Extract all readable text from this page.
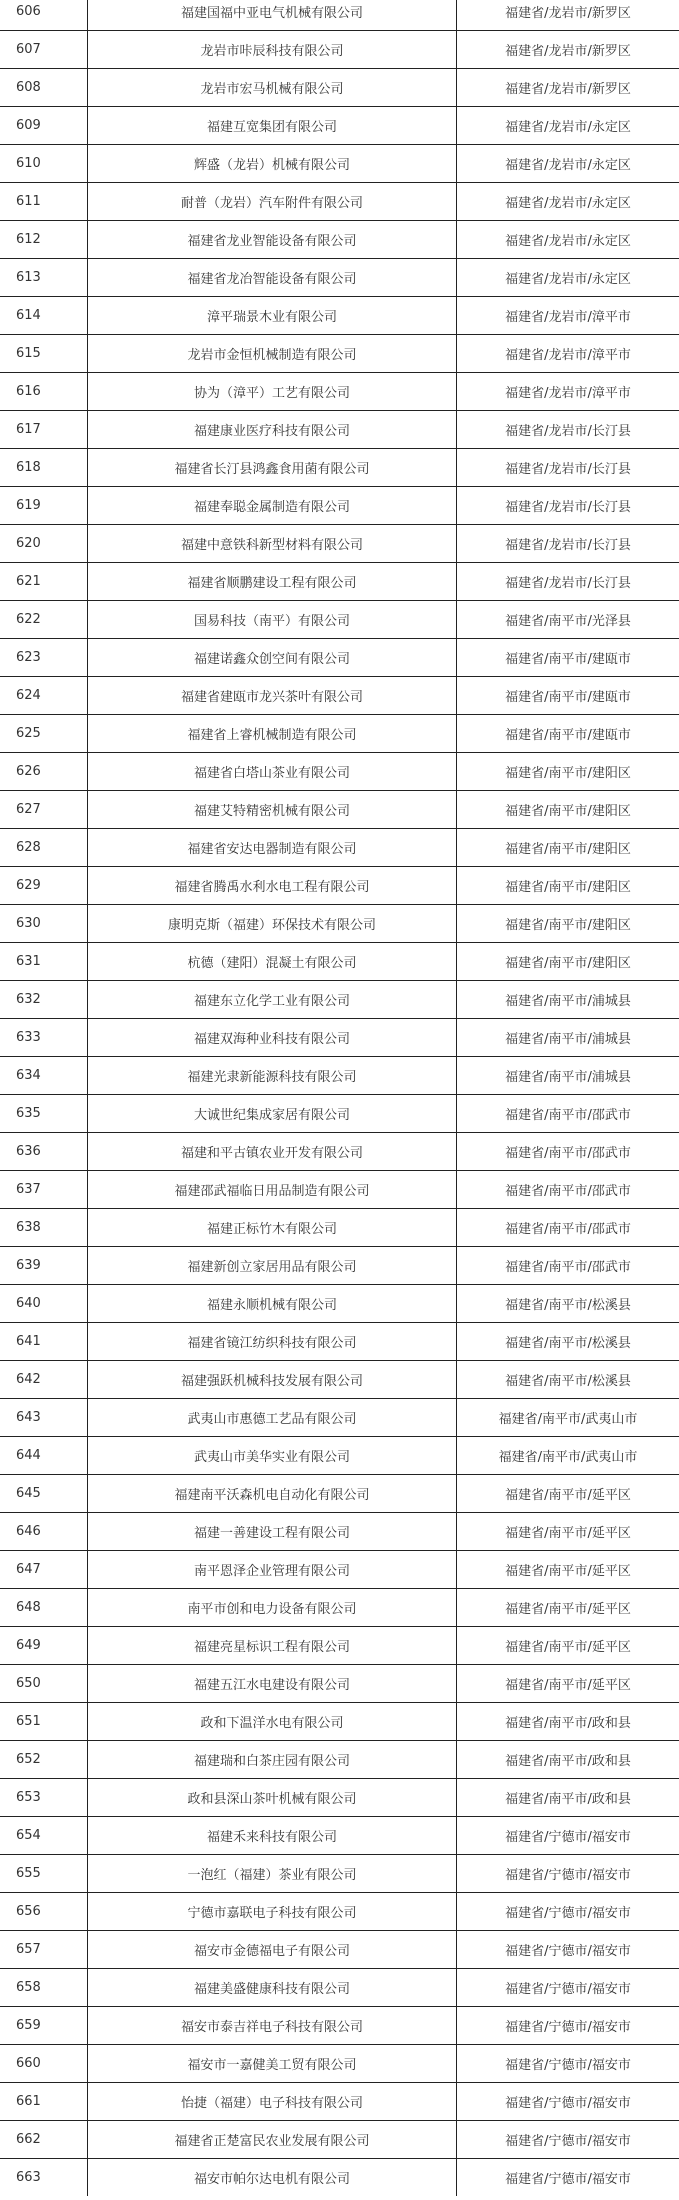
606	福建国福中亚电气机械有限公司	福建省/龙岩市/新罗区
607	龙岩市咔辰科技有限公司	福建省/龙岩市/新罗区
608	龙岩市宏马机械有限公司	福建省/龙岩市/新罗区
609	福建互宽集团有限公司	福建省/龙岩市/永定区
610	辉盛（龙岩）机械有限公司	福建省/龙岩市/永定区
611	耐普（龙岩）汽车附件有限公司	福建省/龙岩市/永定区
612	福建省龙业智能设备有限公司	福建省/龙岩市/永定区
613	福建省龙冶智能设备有限公司	福建省/龙岩市/永定区
614	漳平瑞景木业有限公司	福建省/龙岩市/漳平市
615	龙岩市金恒机械制造有限公司	福建省/龙岩市/漳平市
616	协为（漳平）工艺有限公司	福建省/龙岩市/漳平市
617	福建康业医疗科技有限公司	福建省/龙岩市/长汀县
618	福建省长汀县鸿鑫食用菌有限公司	福建省/龙岩市/长汀县
619	福建奉聪金属制造有限公司	福建省/龙岩市/长汀县
620	福建中意铁科新型材料有限公司	福建省/龙岩市/长汀县
621	福建省顺鹏建设工程有限公司	福建省/龙岩市/长汀县
622	国易科技（南平）有限公司	福建省/南平市/光泽县
623	福建诺鑫众创空间有限公司	福建省/南平市/建瓯市
624	福建省建瓯市龙兴茶叶有限公司	福建省/南平市/建瓯市
625	福建省上睿机械制造有限公司	福建省/南平市/建瓯市
626	福建省白塔山茶业有限公司	福建省/南平市/建阳区
627	福建艾特精密机械有限公司	福建省/南平市/建阳区
628	福建省安达电器制造有限公司	福建省/南平市/建阳区
629	福建省腾禹水利水电工程有限公司	福建省/南平市/建阳区
630	康明克斯（福建）环保技术有限公司	福建省/南平市/建阳区
631	杭德（建阳）混凝土有限公司	福建省/南平市/建阳区
632	福建东立化学工业有限公司	福建省/南平市/浦城县
633	福建双海种业科技有限公司	福建省/南平市/浦城县
634	福建光隶新能源科技有限公司	福建省/南平市/浦城县
635	大诚世纪集成家居有限公司	福建省/南平市/邵武市
636	福建和平古镇农业开发有限公司	福建省/南平市/邵武市
637	福建邵武福临日用品制造有限公司	福建省/南平市/邵武市
638	福建正标竹木有限公司	福建省/南平市/邵武市
639	福建新创立家居用品有限公司	福建省/南平市/邵武市
640	福建永顺机械有限公司	福建省/南平市/松溪县
641	福建省镜江纺织科技有限公司	福建省/南平市/松溪县
642	福建强跃机械科技发展有限公司	福建省/南平市/松溪县
643	武夷山市惠德工艺品有限公司	福建省/南平市/武夷山市
644	武夷山市美华实业有限公司	福建省/南平市/武夷山市
645	福建南平沃森机电自动化有限公司	福建省/南平市/延平区
646	福建一善建设工程有限公司	福建省/南平市/延平区
647	南平恩泽企业管理有限公司	福建省/南平市/延平区
648	南平市创和电力设备有限公司	福建省/南平市/延平区
649	福建亮星标识工程有限公司	福建省/南平市/延平区
650	福建五江水电建设有限公司	福建省/南平市/延平区
651	政和下温洋水电有限公司	福建省/南平市/政和县
652	福建瑞和白茶庄园有限公司	福建省/南平市/政和县
653	政和县深山茶叶机械有限公司	福建省/南平市/政和县
654	福建禾来科技有限公司	福建省/宁德市/福安市
655	一泡红（福建）茶业有限公司	福建省/宁德市/福安市
656	宁德市嘉联电子科技有限公司	福建省/宁德市/福安市
657	福安市金德福电子有限公司	福建省/宁德市/福安市
658	福建美盛健康科技有限公司	福建省/宁德市/福安市
659	福安市泰吉祥电子科技有限公司	福建省/宁德市/福安市
660	福安市一嘉健美工贸有限公司	福建省/宁德市/福安市
661	怡捷（福建）电子科技有限公司	福建省/宁德市/福安市
662	福建省正楚富民农业发展有限公司	福建省/宁德市/福安市
663	福安市帕尔达电机有限公司	福建省/宁德市/福安市
